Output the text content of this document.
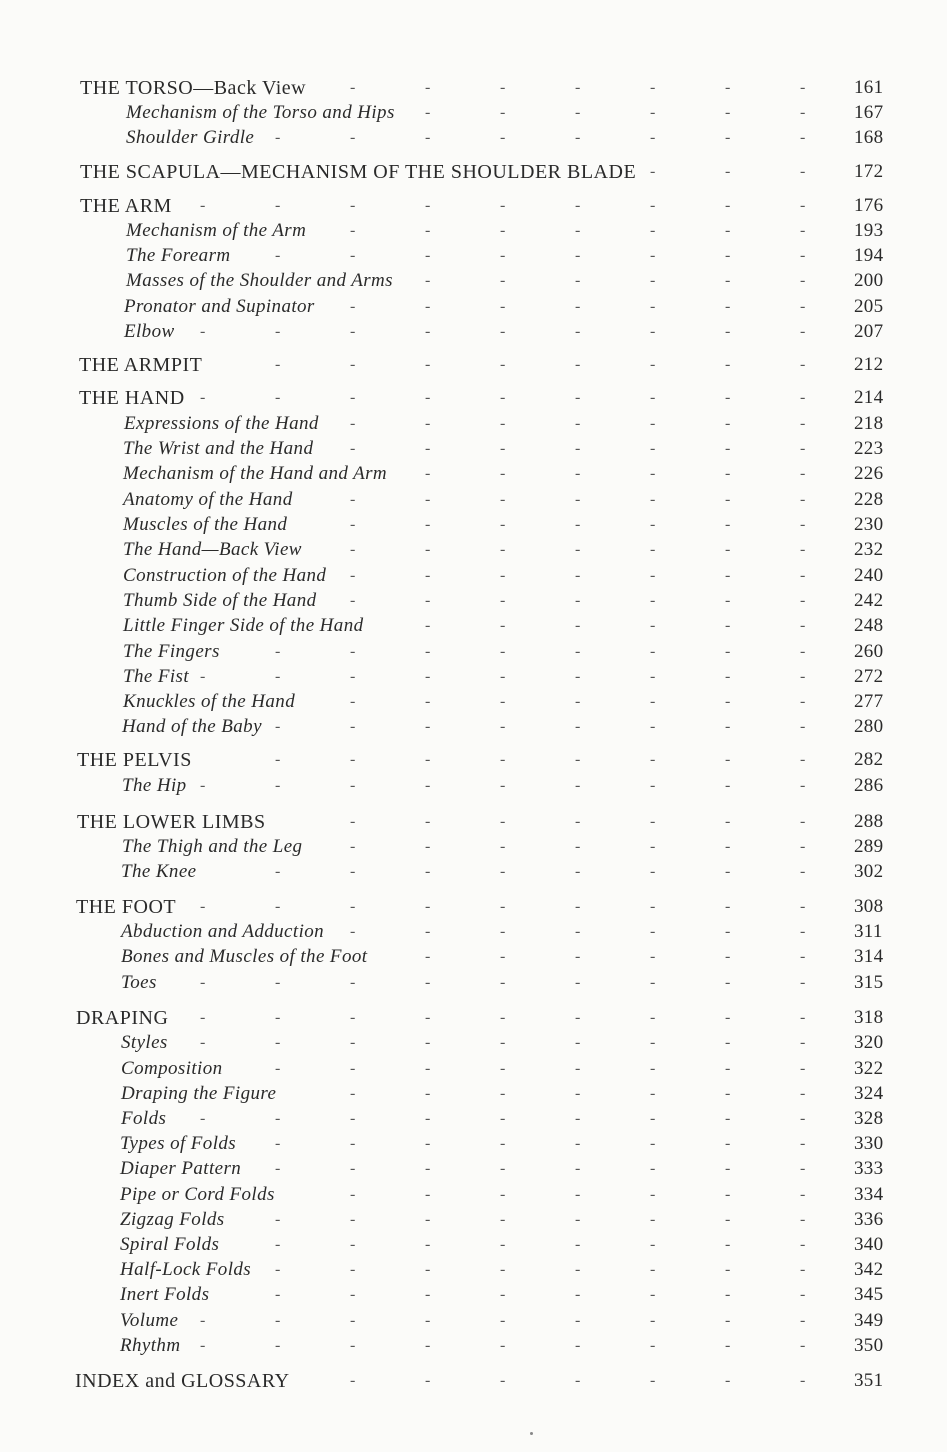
THE TORSO—Back View	161
-	-	-	-	-	-	-
Mechanism of the Torso and Hips	167
-	-	-	-	-	-
Shoulder Girdle	168
-	-	-	-	-	-	-	-
THE SCAPULA—MECHANISM OF THE SHOULDER BLADE	172
-	-	-
THE ARM	176
-	-	-	-	-	-	-	-	-
Mechanism of the Arm	193
-	-	-	-	-	-	-
The Forearm	194
-	-	-	-	-	-	-	-
Masses of the Shoulder and Arms	200
-	-	-	-	-	-
Pronator and Supinator	205
-	-	-	-	-	-	-
Elbow	207
-	-	-	-	-	-	-	-	-
THE ARMPIT	212
-	-	-	-	-	-	-	-
THE HAND	214
-	-	-	-	-	-	-	-	-
Expressions of the Hand	218
-	-	-	-	-	-	-
The Wrist and the Hand	223
-	-	-	-	-	-	-
Mechanism of the Hand and Arm	226
-	-	-	-	-	-
Anatomy of the Hand	228
-	-	-	-	-	-	-
Muscles of the Hand	230
-	-	-	-	-	-	-
The Hand—Back View	232
-	-	-	-	-	-	-
Construction of the Hand	240
-	-	-	-	-	-	-
Thumb Side of the Hand	242
-	-	-	-	-	-	-
Little Finger Side of the Hand	248
-	-	-	-	-	-
The Fingers	260
-	-	-	-	-	-	-	-
The Fist	272
-	-	-	-	-	-	-	-	-
Knuckles of the Hand	277
-	-	-	-	-	-	-
Hand of the Baby	280
-	-	-	-	-	-	-	-
THE PELVIS	282
-	-	-	-	-	-	-	-
The Hip	286
-	-	-	-	-	-	-	-	-
THE LOWER LIMBS	288
-	-	-	-	-	-	-
The Thigh and the Leg	289
-	-	-	-	-	-	-
The Knee	302
-	-	-	-	-	-	-	-
THE FOOT	308
-	-	-	-	-	-	-	-	-
Abduction and Adduction	311
-	-	-	-	-	-	-
Bones and Muscles of the Foot	314
-	-	-	-	-	-
Toes	315
-	-	-	-	-	-	-	-	-
DRAPING	318
-	-	-	-	-	-	-	-	-
Styles	320
-	-	-	-	-	-	-	-	-
Composition	322
-	-	-	-	-	-	-	-
Draping the Figure	324
-	-	-	-	-	-	-
Folds	328
-	-	-	-	-	-	-	-	-
Types of Folds	330
-	-	-	-	-	-	-	-
Diaper Pattern	333
-	-	-	-	-	-	-	-
Pipe or Cord Folds	334
-	-	-	-	-	-	-
Zigzag Folds	336
-	-	-	-	-	-	-	-
Spiral Folds	340
-	-	-	-	-	-	-	-
Half-Lock Folds	342
-	-	-	-	-	-	-	-
Inert Folds	345
-	-	-	-	-	-	-	-
Volume	349
-	-	-	-	-	-	-	-	-
Rhythm	350
-	-	-	-	-	-	-	-	-
INDEX and GLOSSARY	351
-	-	-	-	-	-	-
